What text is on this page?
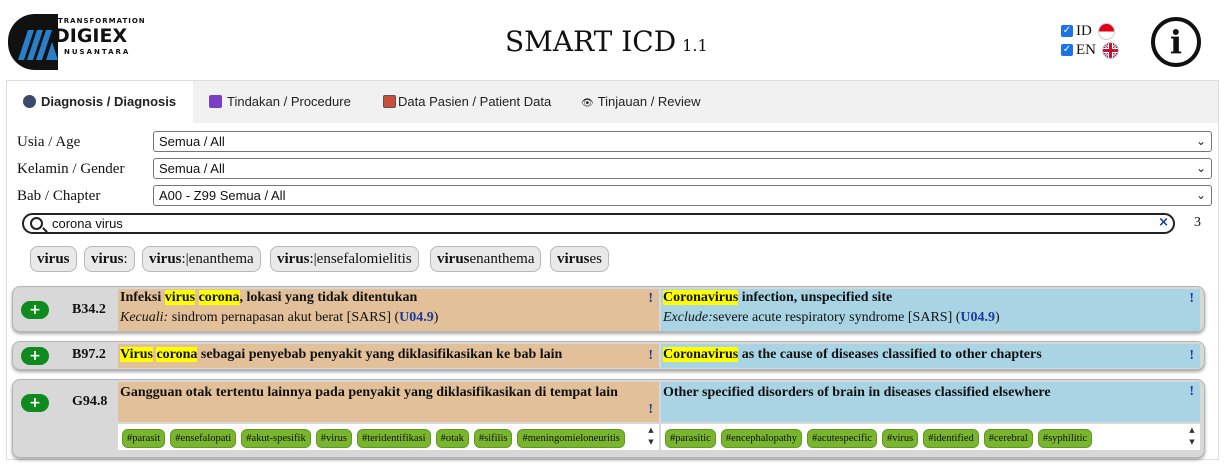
TRANSFORMATION
DIGIEX
NUSANTARA	SMART ICD 1.1
✓ ID
✓ EN	i
Diagnosis / Diagnosis	Tindakan / Procedure	Data Pasien / Patient Data	👁 Tinjauan / Review
Usia / Age	Semua / All	⌄
Kelamin / Gender	Semua / All	⌄
Bab / Chapter	A00 - Z99 Semua / All	⌄
corona virus	× 3
virus	virus:	virus:|enanthema	virus:|ensefalomielitis	virusenanthema	viruses
+	B34.2
Infeksi virus corona, lokasi yang tidak ditentukan
Kecuali: sindrom pernapasan akut berat [SARS] (U04.9)
! Coronavirus infection, unspecified site
Exclude:severe acute respiratory syndrome [SARS] (U04.9)
!
+	B97.2 Virus corona sebagai penyebab penyakit yang diklasifikasikan ke bab lain	! Coronavirus as the cause of diseases classified to other chapters	!
+	G94.8
Gangguan otak tertentu lainnya pada penyakit yang diklasifikasikan di tempat lain
!
Other specified disorders of brain in diseases classified elsewhere	!
#parasit #ensefalopati #akut-spesifik #virus #teridentifikasi #otak #sifilis #meningomieloneuritis
▲
▼	#parasitic #encephalopathy #acutespecific #virus #identified #cerebral #syphilitic
▲
▼
